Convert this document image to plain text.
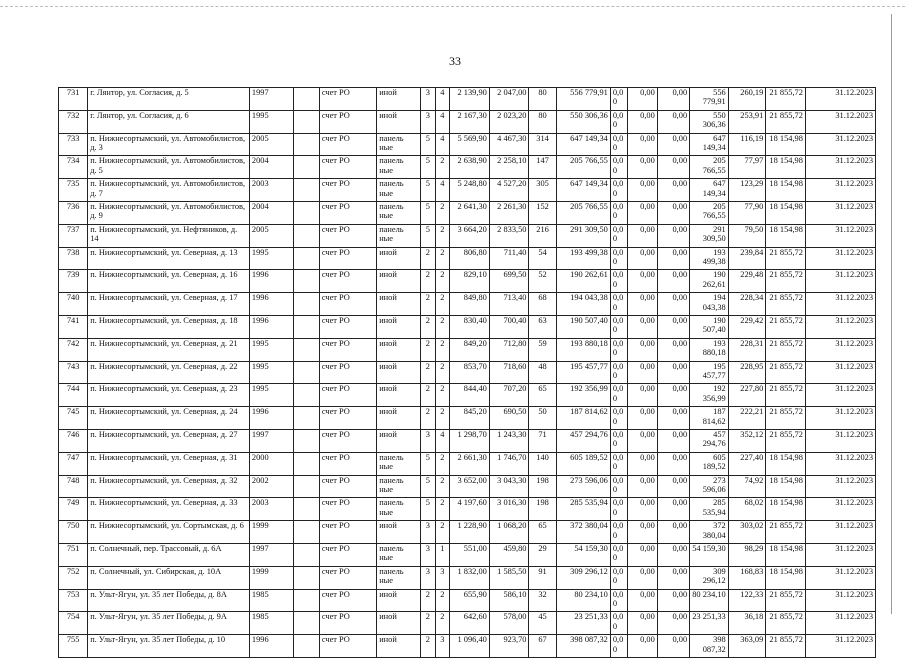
33
731	г. Лянтор, ул. Согласия, д. 5	1997		счет РО	иной	3	4	2 139,90	2 047,00	80	556 779,91	0,0 0	0,00	0,00	556 779,91	260,19	21 855,72	31.12.2023
732	г. Лянтор, ул. Согласия, д. 6	1995		счет РО	иной	3	4	2 167,30	2 023,20	80	550 306,36	0,0 0	0,00	0,00	550 306,36	253,91	21 855,72	31.12.2023
733	п. Нижнесортымский, ул. Автомобилистов, д. 3	2005		счет РО	панель ные	5	4	5 569,90	4 467,30	314	647 149,34	0,0 0	0,00	0,00	647 149,34	116,19	18 154,98	31.12.2023
734	п. Нижнесортымский, ул. Автомобилистов, д. 5	2004		счет РО	панель ные	5	2	2 638,90	2 258,10	147	205 766,55	0,0 0	0,00	0,00	205 766,55	77,97	18 154,98	31.12.2023
735	п. Нижнесортымский, ул. Автомобилистов, д. 7	2003		счет РО	панель ные	5	4	5 248,80	4 527,20	305	647 149,34	0,0 0	0,00	0,00	647 149,34	123,29	18 154,98	31.12.2023
736	п. Нижнесортымский, ул. Автомобилистов, д. 9	2004		счет РО	панель ные	5	2	2 641,30	2 261,30	152	205 766,55	0,0 0	0,00	0,00	205 766,55	77,90	18 154,98	31.12.2023
737	п. Нижнесортымский, ул. Нефтяников, д. 14	2005		счет РО	панель ные	5	2	3 664,20	2 833,50	216	291 309,50	0,0 0	0,00	0,00	291 309,50	79,50	18 154,98	31.12.2023
738	п. Нижнесортымский, ул. Северная, д. 13	1995		счет РО	иной	2	2	806,80	711,40	54	193 499,38	0,0 0	0,00	0,00	193 499,38	239,84	21 855,72	31.12.2023
739	п. Нижнесортымский, ул. Северная, д. 16	1996		счет РО	иной	2	2	829,10	699,50	52	190 262,61	0,0 0	0,00	0,00	190 262,61	229,48	21 855,72	31.12.2023
740	п. Нижнесортымский, ул. Северная, д. 17	1996		счет РО	иной	2	2	849,80	713,40	68	194 043,38	0,0 0	0,00	0,00	194 043,38	228,34	21 855,72	31.12.2023
741	п. Нижнесортымский, ул. Северная, д. 18	1996		счет РО	иной	2	2	830,40	700,40	63	190 507,40	0,0 0	0,00	0,00	190 507,40	229,42	21 855,72	31.12.2023
742	п. Нижнесортымский, ул. Северная, д. 21	1995		счет РО	иной	2	2	849,20	712,80	59	193 880,18	0,0 0	0,00	0,00	193 880,18	228,31	21 855,72	31.12.2023
743	п. Нижнесортымский, ул. Северная, д. 22	1995		счет РО	иной	2	2	853,70	718,60	48	195 457,77	0,0 0	0,00	0,00	195 457,77	228,95	21 855,72	31.12.2023
744	п. Нижнесортымский, ул. Северная, д. 23	1995		счет РО	иной	2	2	844,40	707,20	65	192 356,99	0,0 0	0,00	0,00	192 356,99	227,80	21 855,72	31.12.2023
745	п. Нижнесортымский, ул. Северная, д. 24	1996		счет РО	иной	2	2	845,20	690,50	50	187 814,62	0,0 0	0,00	0,00	187 814,62	222,21	21 855,72	31.12.2023
746	п. Нижнесортымский, ул. Северная, д. 27	1997		счет РО	иной	3	4	1 298,70	1 243,30	71	457 294,76	0,0 0	0,00	0,00	457 294,76	352,12	21 855,72	31.12.2023
747	п. Нижнесортымский, ул. Северная, д. 31	2000		счет РО	панель ные	5	2	2 661,30	1 746,70	140	605 189,52	0,0 0	0,00	0,00	605 189,52	227,40	18 154,98	31.12.2023
748	п. Нижнесортымский, ул. Северная, д. 32	2002		счет РО	панель ные	5	2	3 652,00	3 043,30	198	273 596,06	0,0 0	0,00	0,00	273 596,06	74,92	18 154,98	31.12.2023
749	п. Нижнесортымский, ул. Северная, д. 33	2003		счет РО	панель ные	5	2	4 197,60	3 016,30	198	285 535,94	0,0 0	0,00	0,00	285 535,94	68,02	18 154,98	31.12.2023
750	п. Нижнесортымский, ул. Сортымская, д. 6	1999		счет РО	иной	3	2	1 228,90	1 068,20	65	372 380,04	0,0 0	0,00	0,00	372 380,04	303,02	21 855,72	31.12.2023
751	п. Солнечный, пер. Трассовый, д. 6А	1997		счет РО	панель ные	3	1	551,00	459,80	29	54 159,30	0,0 0	0,00	0,00	54 159,30	98,29	18 154,98	31.12.2023
752	п. Солнечный, ул. Сибирская, д. 10А	1999		счет РО	панель ные	3	3	1 832,00	1 585,50	91	309 296,12	0,0 0	0,00	0,00	309 296,12	168,83	18 154,98	31.12.2023
753	п. Ульт-Ягун, ул. 35 лет Победы, д. 8А	1985		счет РО	иной	2	2	655,90	586,10	32	80 234,10	0,0 0	0,00	0,00	80 234,10	122,33	21 855,72	31.12.2023
754	п. Ульт-Ягун, ул. 35 лет Победы, д. 9А	1985		счет РО	иной	2	2	642,60	578,00	45	23 251,33	0,0 0	0,00	0,00	23 251,33	36,18	21 855,72	31.12.2023
755	п. Ульт-Ягун, ул. 35 лет Победы, д. 10	1996		счет РО	иной	2	3	1 096,40	923,70	67	398 087,32	0,0 0	0,00	0,00	398 087,32	363,09	21 855,72	31.12.2023
